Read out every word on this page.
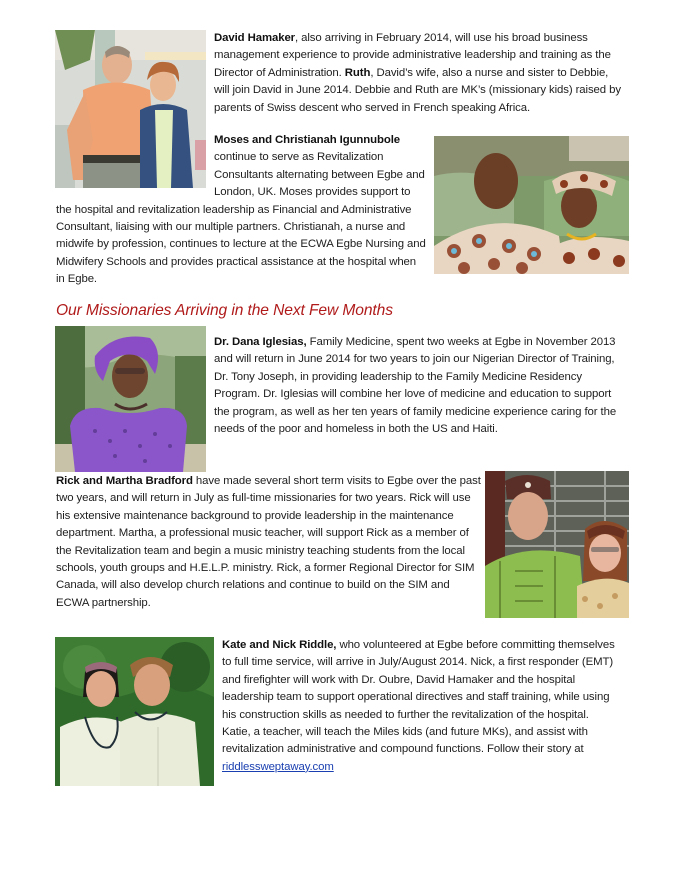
David Hamaker, also arriving in February 2014, will use his broad business
management experience to provide administrative leadership and training as the
Director of Administration. Ruth, David’s wife, also a nurse and sister to Debbie,
will join David in June 2014. Debbie and Ruth are MK’s (missionary kids) raised by
parents of Swiss descent who served in French speaking Africa.
Moses and Christianah Igunnubole
continue to serve as Revitalization
Consultants alternating between Egbe and
London, UK. Moses provides support to
the hospital and revitalization leadership as Financial and Administrative
Consultant, liaising with our multiple partners. Christianah, a nurse and
midwife by profession, continues to lecture at the ECWA Egbe Nursing and
Midwifery Schools and provides practical assistance at the hospital when
in Egbe.
Our Missionaries Arriving in the Next Few Months
Dr. Dana Iglesias, Family Medicine, spent two weeks at Egbe in November 2013
and will return in June 2014 for two years to join our Nigerian Director of Training,
Dr. Tony Joseph, in providing leadership to the Family Medicine Residency
Program. Dr. Iglesias will combine her love of medicine and education to support
the program, as well as her ten years of family medicine experience caring for the
needs of the poor and homeless in both the US and Haiti.
Rick and Martha Bradford have made several short term visits to Egbe over the past
two years, and will return in July as full-time missionaries for two years. Rick will use
his extensive maintenance background to provide leadership in the maintenance
department. Martha, a professional music teacher, will support Rick as a member of
the Revitalization team and begin a music ministry teaching students from the local
schools, youth groups and H.E.L.P. ministry. Rick, a former Regional Director for SIM
Canada, will also develop church relations and continue to build on the SIM and
ECWA partnership.
Kate and Nick Riddle, who volunteered at Egbe before committing themselves
to full time service, will arrive in July/August 2014. Nick, a first responder (EMT)
and firefighter will work with Dr. Oubre, David Hamaker and the hospital
leadership team to support operational directives and staff training, while using
his construction skills as needed to further the revitalization of the hospital.
Katie, a teacher, will teach the Miles kids (and future MKs), and assist with
revitalization administrative and compound functions. Follow their story at
riddlessweptaway.com
